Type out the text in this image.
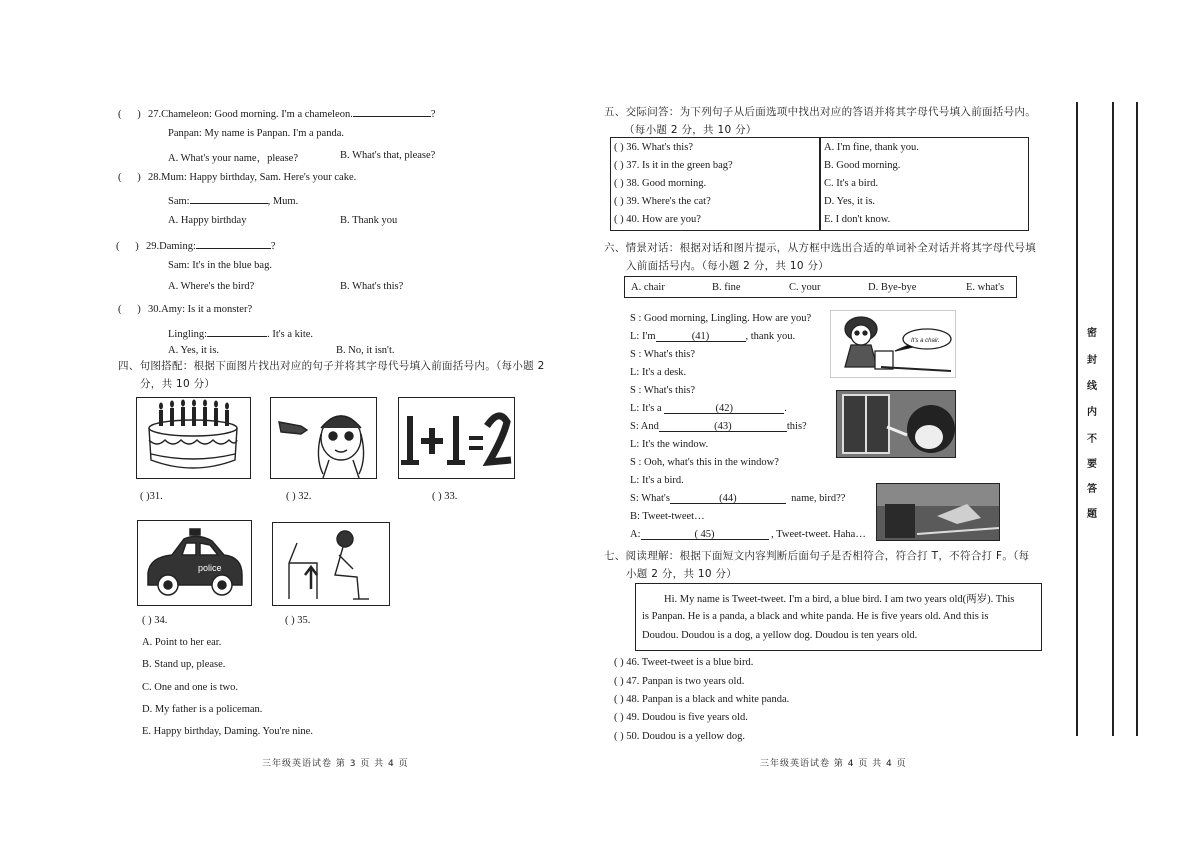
(      ) 27.Chameleon: Good morning. I'm a chameleon.	?
Panpan: My name is Panpan. I'm a panda.
A. What's your name，please?	B. What's that, please?
(      ) 28.Mum: Happy birthday, Sam. Here's your cake.
Sam:	, Mum.
A. Happy birthday	B. Thank you
(      ) 29.Daming:	?
Sam: It's in the blue bag.
A. Where's the bird?	B. What's this?
(      ) 30.Amy: Is it a monster?
Lingling:	. It's a kite.
A. Yes, it is.	B. No, it isn't.
四、句图搭配：根据下面图片找出对应的句子并将其字母代号填入前面括号内。（每小题 2
分，共 10 分）
( )31.	( ) 32.	( ) 33.
police
( ) 34.	( ) 35.
A. Point to her ear.
B. Stand up, please.
C. One and one is two.
D. My father is a policeman.
E. Happy birthday, Daming. You're nine.
三年级英语试卷 第 3 页 共 4 页
五、交际问答：为下列句子从后面选项中找出对应的答语并将其字母代号填入前面括号内。
（每小题 2 分，共 10 分）
( ) 36. What's this?	A. I'm fine, thank you.
( ) 37. Is it in the green bag?	B. Good morning.
( ) 38. Good morning.	C. It's a bird.
( ) 39. Where's the cat?	D. Yes, it is.
( ) 40. How are you?	E. I don't know.
六、情景对话：根据对话和图片提示，从方框中选出合适的单词补全对话并将其字母代号填
入前面括号内。（每小题 2 分，共 10 分）
A. chair	B. fine	C. your	D. Bye-bye	E. what's
S : Good morning, Lingling. How are you?
L: I'm	(41)	, thank you.
S : What's this?
L: It's a desk.
S : What's this?
L: It's a	(42)	.
S: And	(43)	this?
L: It's the window.
S : Ooh, what's this in the window?
L: It's a bird.
S: What's	(44)	name, bird??
B: Tweet-tweet…
A:	( 45)	, Tweet-tweet. Haha…
It's a chair.
七、阅读理解：根据下面短文内容判断后面句子是否相符合，符合打 T，不符合打 F。（每
小题 2 分，共 10 分）
Hi. My name is Tweet-tweet. I'm a bird, a blue bird. I am two years old(两岁). This
is Panpan. He is a panda, a black and white panda. He is five years old. And this is
Doudou. Doudou is a dog, a yellow dog. Doudou is ten years old.
( ) 46. Tweet-tweet is a blue bird.
( ) 47. Panpan is two years old.
( ) 48. Panpan is a black and white panda.
( ) 49. Doudou is five years old.
( ) 50. Doudou is a yellow dog.
三年级英语试卷 第 4 页 共 4 页
密
封
线
内
不
要
答
题
